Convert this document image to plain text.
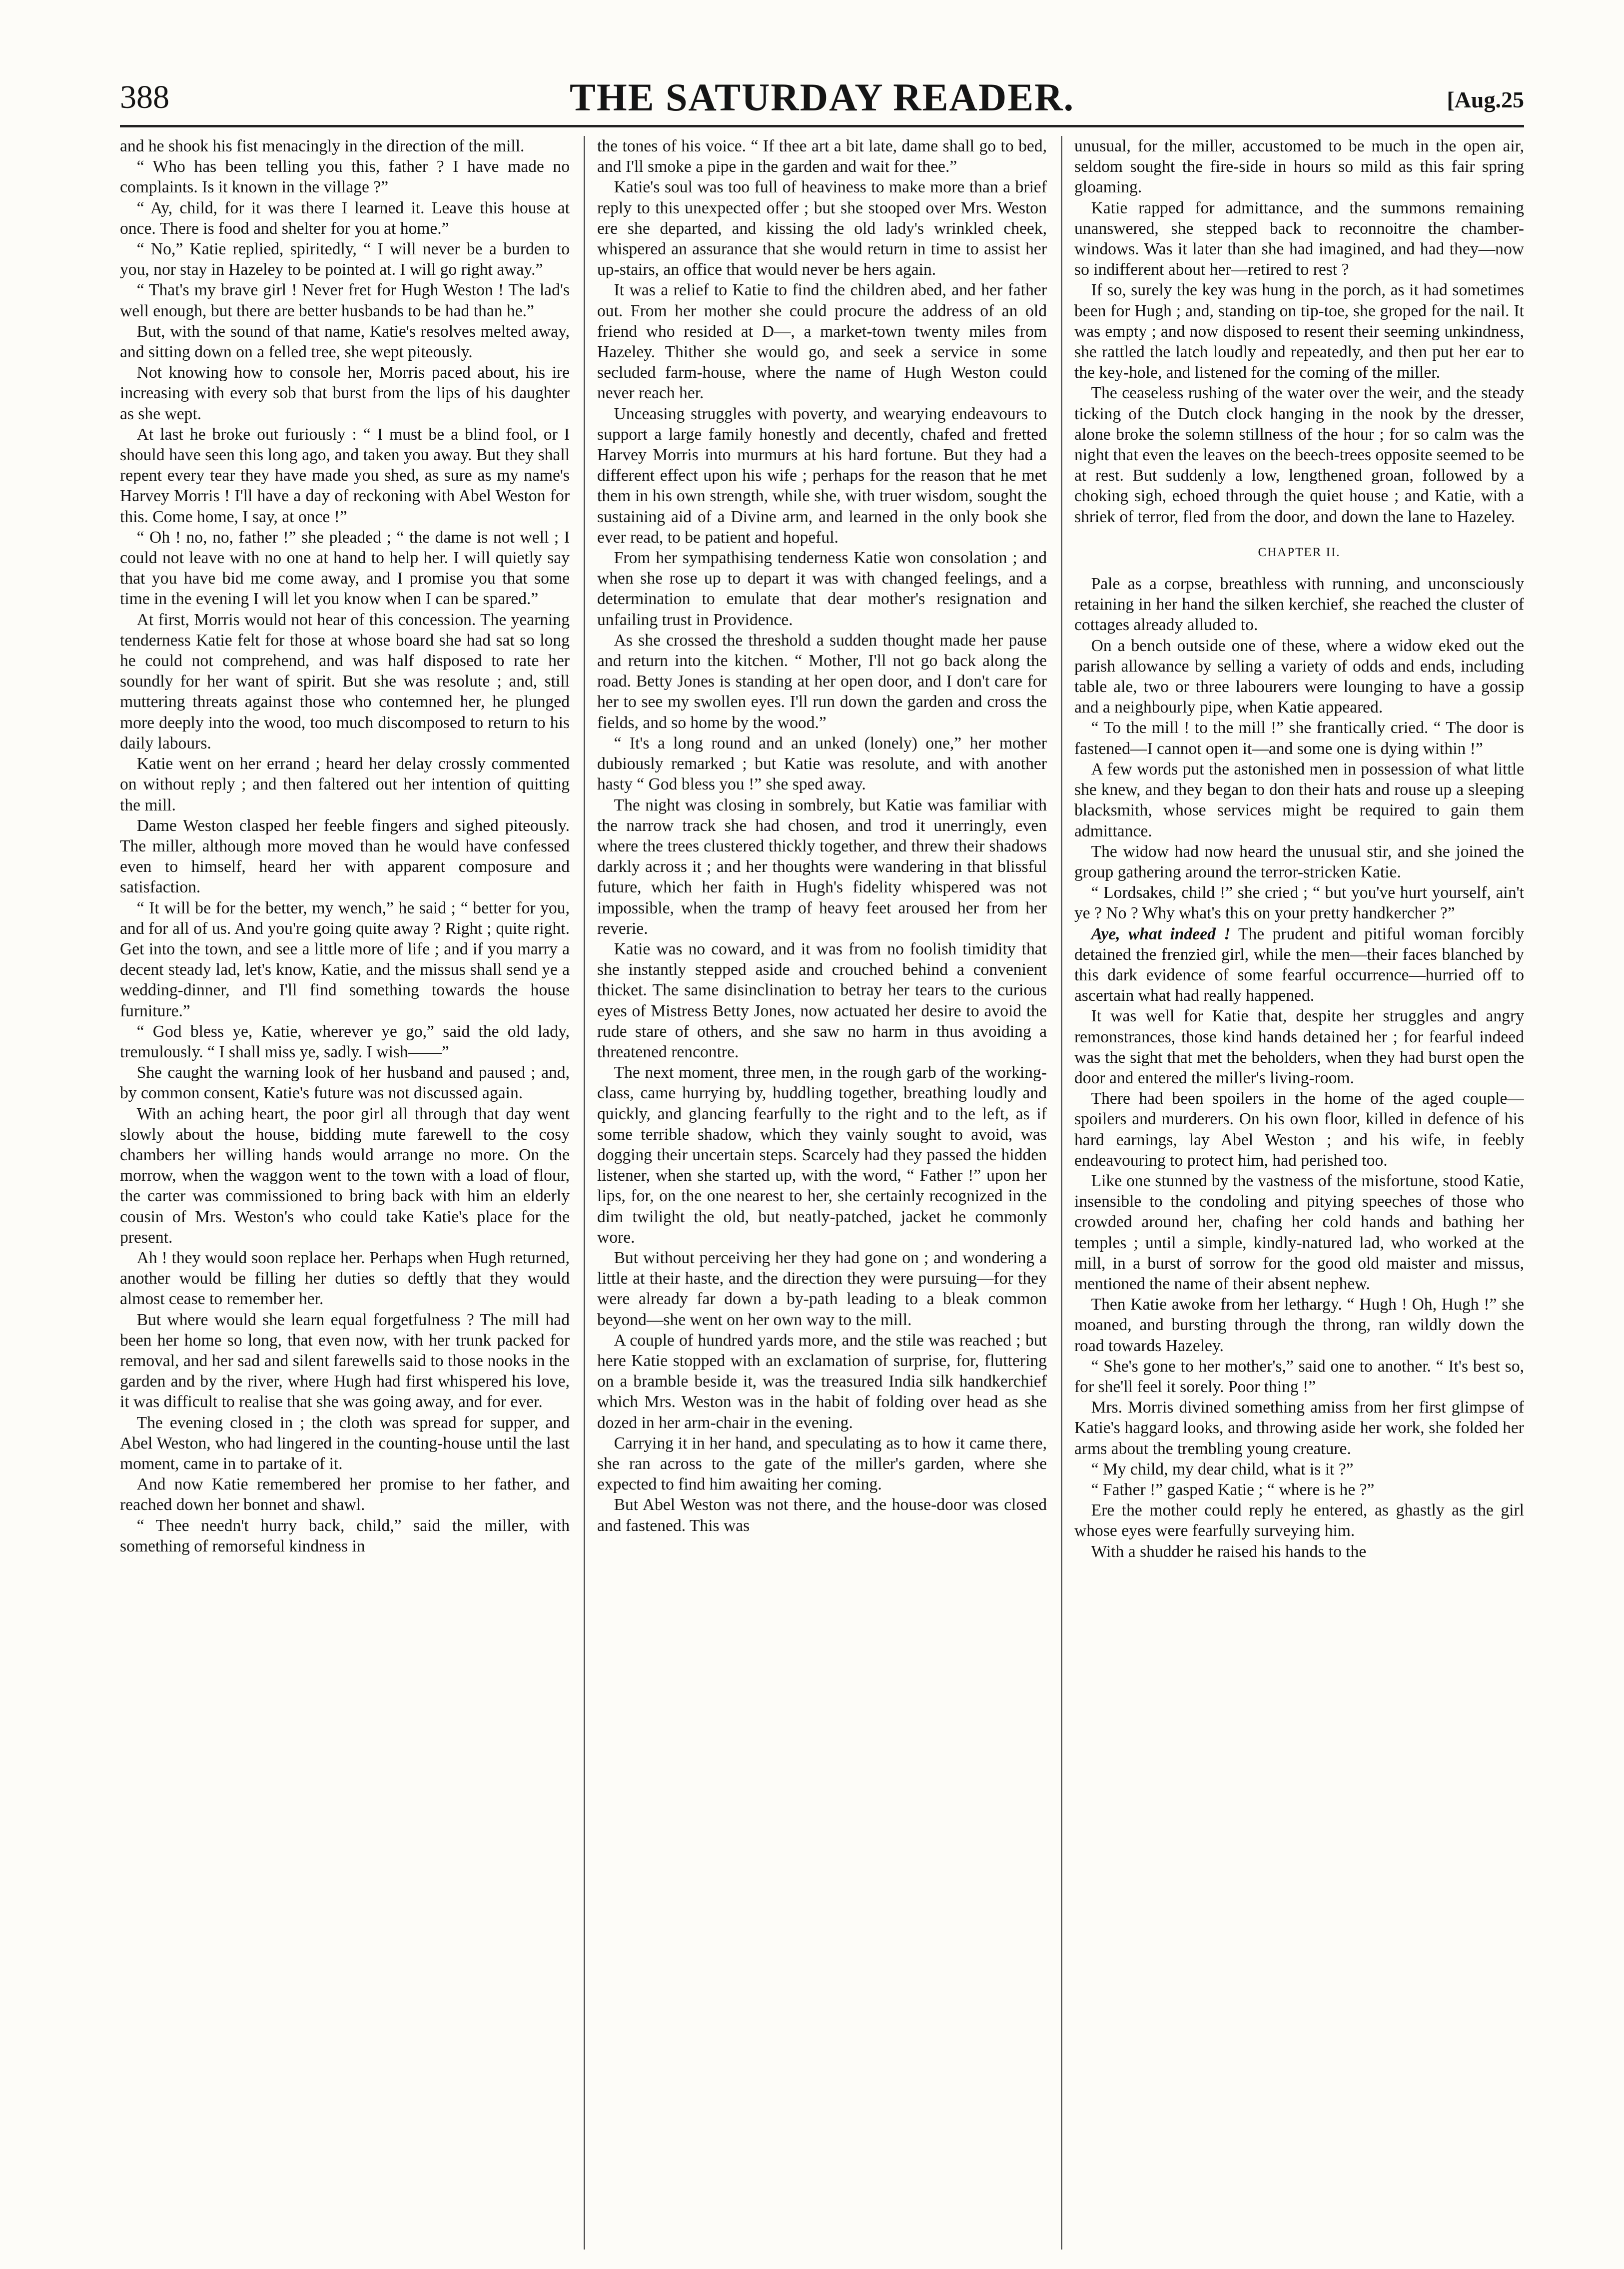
388	THE SATURDAY READER.	[Aug.25

and he shook his fist menacingly in the direction of the mill.

“ Who has been telling you this, father ? I have made no complaints. Is it known in the village ?”

“ Ay, child, for it was there I learned it. Leave this house at once. There is food and shelter for you at home.”

“ No,” Katie replied, spiritedly, “ I will never be a burden to you, nor stay in Hazeley to be pointed at. I will go right away.”

“ That's my brave girl ! Never fret for Hugh Weston ! The lad's well enough, but there are better husbands to be had than he.”

But, with the sound of that name, Katie's resolves melted away, and sitting down on a felled tree, she wept piteously.

Not knowing how to console her, Morris paced about, his ire increasing with every sob that burst from the lips of his daughter as she wept.

At last he broke out furiously : “ I must be a blind fool, or I should have seen this long ago, and taken you away. But they shall repent every tear they have made you shed, as sure as my name's Harvey Morris ! I'll have a day of reckoning with Abel Weston for this. Come home, I say, at once !”

“ Oh ! no, no, father !” she pleaded ; “ the dame is not well ; I could not leave with no one at hand to help her. I will quietly say that you have bid me come away, and I promise you that some time in the evening I will let you know when I can be spared.”

At first, Morris would not hear of this concession. The yearning tenderness Katie felt for those at whose board she had sat so long he could not comprehend, and was half disposed to rate her soundly for her want of spirit. But she was resolute ; and, still muttering threats against those who contemned her, he plunged more deeply into the wood, too much discomposed to return to his daily labours.

Katie went on her errand ; heard her delay crossly commented on without reply ; and then faltered out her intention of quitting the mill.

Dame Weston clasped her feeble fingers and sighed piteously. The miller, although more moved than he would have confessed even to himself, heard her with apparent composure and satisfaction.

“ It will be for the better, my wench,” he said ; “ better for you, and for all of us. And you're going quite away ? Right ; quite right. Get into the town, and see a little more of life ; and if you marry a decent steady lad, let's know, Katie, and the missus shall send ye a wedding-dinner, and I'll find something towards the house furniture.”

“ God bless ye, Katie, wherever ye go,” said the old lady, tremulously. “ I shall miss ye, sadly. I wish——”

She caught the warning look of her husband and paused ; and, by common consent, Katie's future was not discussed again.

With an aching heart, the poor girl all through that day went slowly about the house, bidding mute farewell to the cosy chambers her willing hands would arrange no more. On the morrow, when the waggon went to the town with a load of flour, the carter was commissioned to bring back with him an elderly cousin of Mrs. Weston's who could take Katie's place for the present.

Ah ! they would soon replace her. Perhaps when Hugh returned, another would be filling her duties so deftly that they would almost cease to remember her.

But where would she learn equal forgetfulness ? The mill had been her home so long, that even now, with her trunk packed for removal, and her sad and silent farewells said to those nooks in the garden and by the river, where Hugh had first whispered his love, it was difficult to realise that she was going away, and for ever.

The evening closed in ; the cloth was spread for supper, and Abel Weston, who had lingered in the counting-house until the last moment, came in to partake of it.

And now Katie remembered her promise to her father, and reached down her bonnet and shawl.

“ Thee needn't hurry back, child,” said the miller, with something of remorseful kindness in

the tones of his voice. “ If thee art a bit late, dame shall go to bed, and I'll smoke a pipe in the garden and wait for thee.”

Katie's soul was too full of heaviness to make more than a brief reply to this unexpected offer ; but she stooped over Mrs. Weston ere she departed, and kissing the old lady's wrinkled cheek, whispered an assurance that she would return in time to assist her up-stairs, an office that would never be hers again.

It was a relief to Katie to find the children abed, and her father out. From her mother she could procure the address of an old friend who resided at D—, a market-town twenty miles from Hazeley. Thither she would go, and seek a service in some secluded farm-house, where the name of Hugh Weston could never reach her.

Unceasing struggles with poverty, and wearying endeavours to support a large family honestly and decently, chafed and fretted Harvey Morris into murmurs at his hard fortune. But they had a different effect upon his wife ; perhaps for the reason that he met them in his own strength, while she, with truer wisdom, sought the sustaining aid of a Divine arm, and learned in the only book she ever read, to be patient and hopeful.

From her sympathising tenderness Katie won consolation ; and when she rose up to depart it was with changed feelings, and a determination to emulate that dear mother's resignation and unfailing trust in Providence.

As she crossed the threshold a sudden thought made her pause and return into the kitchen. “ Mother, I'll not go back along the road. Betty Jones is standing at her open door, and I don't care for her to see my swollen eyes. I'll run down the garden and cross the fields, and so home by the wood.”

“ It's a long round and an unked (lonely) one,” her mother dubiously remarked ; but Katie was resolute, and with another hasty “ God bless you !” she sped away.

The night was closing in sombrely, but Katie was familiar with the narrow track she had chosen, and trod it unerringly, even where the trees clustered thickly together, and threw their shadows darkly across it ; and her thoughts were wandering in that blissful future, which her faith in Hugh's fidelity whispered was not impossible, when the tramp of heavy feet aroused her from her reverie.

Katie was no coward, and it was from no foolish timidity that she instantly stepped aside and crouched behind a convenient thicket. The same disinclination to betray her tears to the curious eyes of Mistress Betty Jones, now actuated her desire to avoid the rude stare of others, and she saw no harm in thus avoiding a threatened rencontre.

The next moment, three men, in the rough garb of the working-class, came hurrying by, huddling together, breathing loudly and quickly, and glancing fearfully to the right and to the left, as if some terrible shadow, which they vainly sought to avoid, was dogging their uncertain steps. Scarcely had they passed the hidden listener, when she started up, with the word, “ Father !” upon her lips, for, on the one nearest to her, she certainly recognized in the dim twilight the old, but neatly-patched, jacket he commonly wore.

But without perceiving her they had gone on ; and wondering a little at their haste, and the direction they were pursuing—for they were already far down a by-path leading to a bleak common beyond—she went on her own way to the mill.

A couple of hundred yards more, and the stile was reached ; but here Katie stopped with an exclamation of surprise, for, fluttering on a bramble beside it, was the treasured India silk handkerchief which Mrs. Weston was in the habit of folding over head as she dozed in her arm-chair in the evening.

Carrying it in her hand, and speculating as to how it came there, she ran across to the gate of the miller's garden, where she expected to find him awaiting her coming.

But Abel Weston was not there, and the house-door was closed and fastened. This was

unusual, for the miller, accustomed to be much in the open air, seldom sought the fire-side in hours so mild as this fair spring gloaming.

Katie rapped for admittance, and the summons remaining unanswered, she stepped back to reconnoitre the chamber-windows. Was it later than she had imagined, and had they—now so indifferent about her—retired to rest ?

If so, surely the key was hung in the porch, as it had sometimes been for Hugh ; and, standing on tip-toe, she groped for the nail. It was empty ; and now disposed to resent their seeming unkindness, she rattled the latch loudly and repeatedly, and then put her ear to the key-hole, and listened for the coming of the miller.

The ceaseless rushing of the water over the weir, and the steady ticking of the Dutch clock hanging in the nook by the dresser, alone broke the solemn stillness of the hour ; for so calm was the night that even the leaves on the beech-trees opposite seemed to be at rest. But suddenly a low, lengthened groan, followed by a choking sigh, echoed through the quiet house ; and Katie, with a shriek of terror, fled from the door, and down the lane to Hazeley.

CHAPTER II.

Pale as a corpse, breathless with running, and unconsciously retaining in her hand the silken kerchief, she reached the cluster of cottages already alluded to.

On a bench outside one of these, where a widow eked out the parish allowance by selling a variety of odds and ends, including table ale, two or three labourers were lounging to have a gossip and a neighbourly pipe, when Katie appeared.

“ To the mill ! to the mill !” she frantically cried. “ The door is fastened—I cannot open it—and some one is dying within !”

A few words put the astonished men in possession of what little she knew, and they began to don their hats and rouse up a sleeping blacksmith, whose services might be required to gain them admittance.

The widow had now heard the unusual stir, and she joined the group gathering around the terror-stricken Katie.

“ Lordsakes, child !” she cried ; “ but you've hurt yourself, ain't ye ? No ? Why what's this on your pretty handkercher ?”

Aye, what indeed ! The prudent and pitiful woman forcibly detained the frenzied girl, while the men—their faces blanched by this dark evidence of some fearful occurrence—hurried off to ascertain what had really happened.

It was well for Katie that, despite her struggles and angry remonstrances, those kind hands detained her ; for fearful indeed was the sight that met the beholders, when they had burst open the door and entered the miller's living-room.

There had been spoilers in the home of the aged couple—spoilers and murderers. On his own floor, killed in defence of his hard earnings, lay Abel Weston ; and his wife, in feebly endeavouring to protect him, had perished too.

Like one stunned by the vastness of the misfortune, stood Katie, insensible to the condoling and pitying speeches of those who crowded around her, chafing her cold hands and bathing her temples ; until a simple, kindly-natured lad, who worked at the mill, in a burst of sorrow for the good old maister and missus, mentioned the name of their absent nephew.

Then Katie awoke from her lethargy. “ Hugh ! Oh, Hugh !” she moaned, and bursting through the throng, ran wildly down the road towards Hazeley.

“ She's gone to her mother's,” said one to another. “ It's best so, for she'll feel it sorely. Poor thing !”

Mrs. Morris divined something amiss from her first glimpse of Katie's haggard looks, and throwing aside her work, she folded her arms about the trembling young creature.

“ My child, my dear child, what is it ?”

“ Father !” gasped Katie ; “ where is he ?”

Ere the mother could reply he entered, as ghastly as the girl whose eyes were fearfully surveying him.

With a shudder he raised his hands to the
